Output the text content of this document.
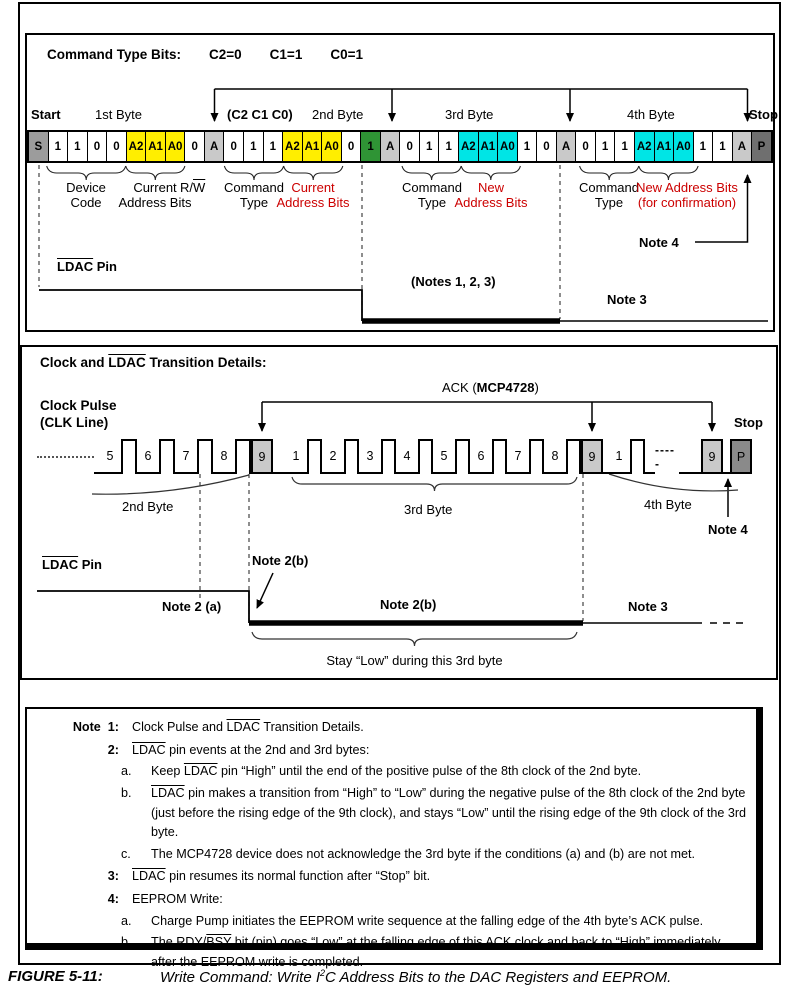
Command Type Bits: C2=0 C1=1 C0=1
Start	1st Byte	(C2 C1 C0) 2nd Byte	3rd Byte	4th Byte	Stop
S	1	1	0	0 A2 A1 A0 0	A	0	1	1 A2 A1 A0 0	1	A	0	1	1 A2 A1 A0 1	0	A	0	1	1 A2 A1 A0 1	1	A	P
$R/\overline{W}$
Note 4
LDAC Pin
(Notes 1, 2, 3)
Note 3
Device
Code
Current
Address Bits
Command
Type
Current
Address Bits
Command
Type
New
Address Bits
Command
Type
New Address Bits
(for confirmation)
Clock and LDAC Transition Details:
Clock Pulse
(CLK Line)
ACK (MCP4728)
Stop
5	6	7	8	9	1	2	3	4	5	6	7	8	9	1	-----	9	P
2nd Byte	3rd Byte	4th Byte
Note 4
LDAC Pin
Note 2 (a)
Note 2(b)
Note 2(b)	Note 3
Stay “Low” during this 3rd byte
Note  1: Clock Pulse and LDAC Transition Details.
2: LDAC pin events at the 2nd and 3rd bytes:
a.	Keep LDAC pin “High” until the end of the positive pulse of the 8th clock of the 2nd byte.
b.	LDAC pin makes a transition from “High” to “Low” during the negative pulse of the 8th clock of the 2nd byte (just before the rising edge of the 9th clock), and stays “Low” until the rising edge of the 9th clock of the 3rd byte.
c.	The MCP4728 device does not acknowledge the 3rd byte if the conditions (a) and (b) are not met.
3: LDAC pin resumes its normal function after “Stop” bit.
4: EEPROM Write:
a.	Charge Pump initiates the EEPROM write sequence at the falling edge of the 4th byte’s ACK pulse.
b.	The RDY/$\overline{BSY}$ bit (pin) goes “Low” at the falling edge of this ACK clock and back to “High” immediately after the EEPROM write is completed.
FIGURE 5-11:	Write Command: Write $I^2C$ Address Bits to the DAC Registers and EEPROM.
